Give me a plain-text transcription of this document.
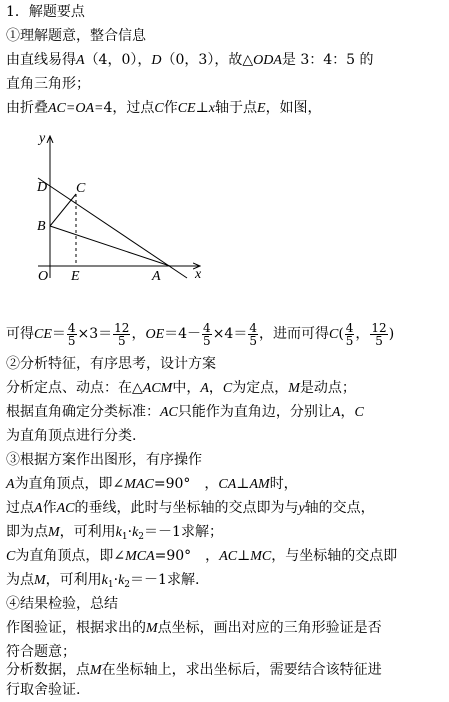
1．解题要点
①理解题意，整合信息
由直线易得A（4，0），D（0，3），故△ODA是 3：4：5 的
直角三角形；
由折叠AC=OA=4，过点C作CE⊥x轴于点E，如图，
y
x
O E	A
D C
B
可得$CE= \frac{4}{5} \times 3= \frac{12}{5}$ ，$OE=4- \frac{4}{5} \times 4= \frac{4}{5}$ ，进而可得$C( \frac{4}{5}$ ， $\frac{12}{5}$ )
②分析特征，有序思考，设计方案
分析定点、动点：在△ACM中，A，C为定点，M是动点；
根据直角确定分类标准：AC只能作为直角边，分别让A，C
为直角顶点进行分类.
③根据方案作出图形，有序操作
A为直角顶点，即∠MAC=90°　，CA⊥AM时，
过点A作AC的垂线，此时与坐标轴的交点即为与y轴的交点，
即为点M，可利用$k_1\cdot k_2=-1$求解；
C为直角顶点，即∠MCA=90°　，AC⊥MC，与坐标轴的交点即
为点M，可利用$k_1\cdot k_2=-1$求解.
④结果检验，总结
作图验证，根据求出的M点坐标，画出对应的三角形验证是否
符合题意；
分析数据，点M在坐标轴上，求出坐标后，需要结合该特征进
行取舍验证.
